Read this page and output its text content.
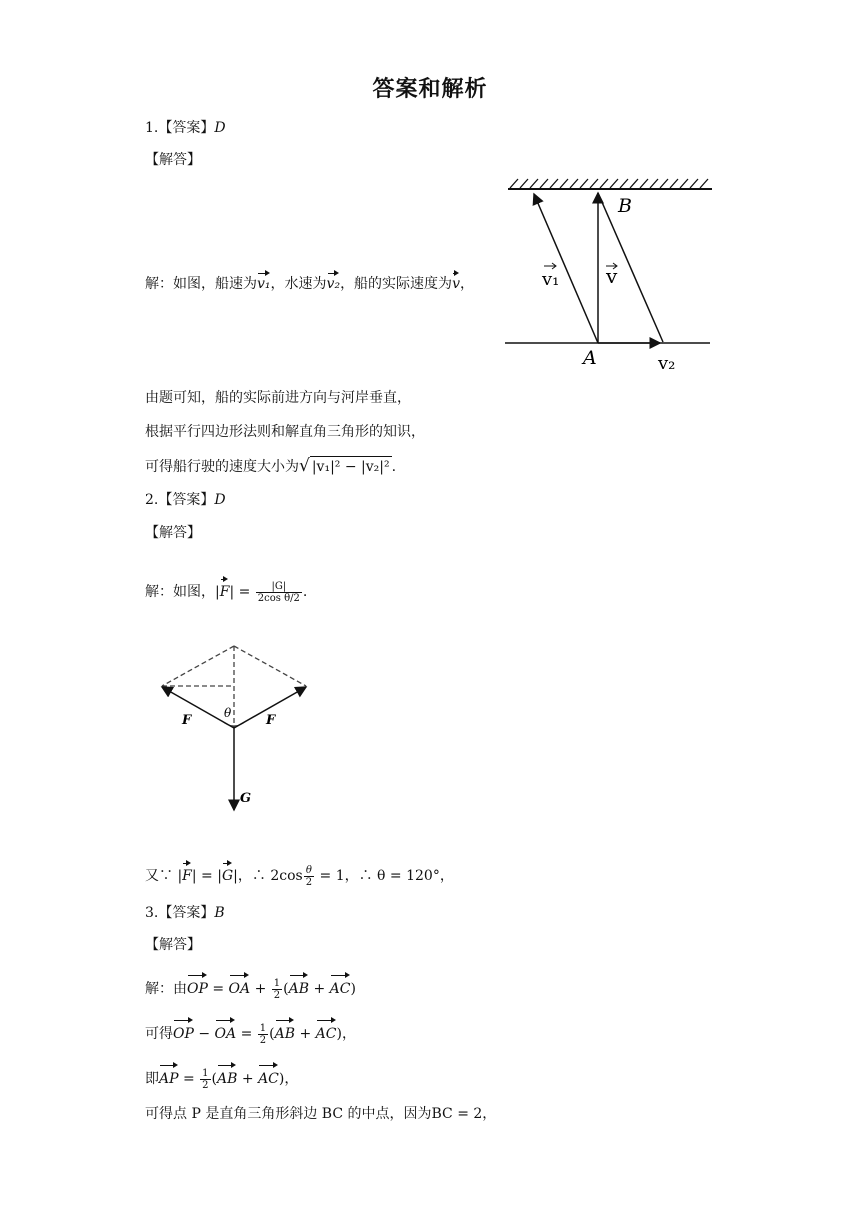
答案和解析
1.【答案】D
【解答】
解：如图，船速为v₁，水速为v₂，船的实际速度为v，
B
A
v₁ v
v₂
由题可知，船的实际前进方向与河岸垂直，
根据平行四边形法则和解直角三角形的知识，
可得船行驶的速度大小为√ |v₁|² − |v₂|² .
2.【答案】D
【解答】
解：如图，$|F| = \frac{|G|}{\text{2cos θ/2}}$ .
F	F
θ
G
又∵ |F| = |G|，∴ $2\cos \frac{\theta}{2} = 1$，∴ θ = 120°，
3.【答案】B
【解答】
解：由OP = OA + $\frac{1}{2} (AB + AC)$
可得OP − OA = $\frac{1}{2} (AB + AC)$，
即AP = $\frac{1}{2} (AB + AC)$，
可得点 P 是直角三角形斜边 BC 的中点，因为BC = 2，
